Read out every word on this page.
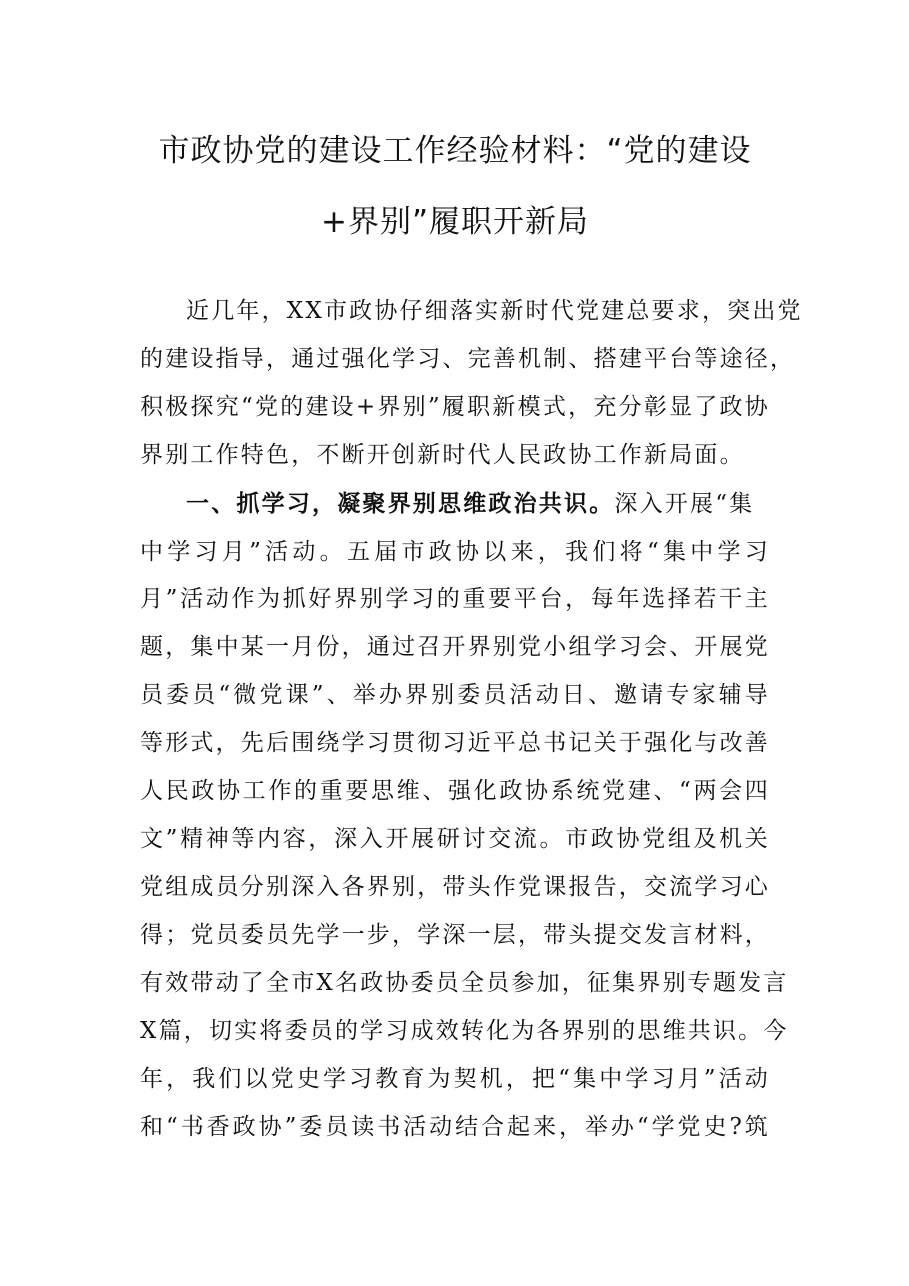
市政协党的建设工作经验材料：“党的建设
+界别”履职开新局
近几年，XX市政协仔细落实新时代党建总要求，突出党
的建设指导，通过强化学习、完善机制、搭建平台等途径，
积极探究“党的建设+界别”履职新模式，充分彰显了政协
界别工作特色，不断开创新时代人民政协工作新局面。
一、抓学习，凝聚界别思维政治共识。深入开展“集
中学习月”活动。五届市政协以来，我们将“集中学习
月”活动作为抓好界别学习的重要平台，每年选择若干主
题，集中某一月份，通过召开界别党小组学习会、开展党
员委员“微党课”、举办界别委员活动日、邀请专家辅导
等形式，先后围绕学习贯彻习近平总书记关于强化与改善
人民政协工作的重要思维、强化政协系统党建、“两会四
文”精神等内容，深入开展研讨交流。市政协党组及机关
党组成员分别深入各界别，带头作党课报告，交流学习心
得；党员委员先学一步，学深一层，带头提交发言材料，
有效带动了全市X名政协委员全员参加，征集界别专题发言
X篇，切实将委员的学习成效转化为各界别的思维共识。今
年，我们以党史学习教育为契机，把“集中学习月”活动
和“书香政协”委员读书活动结合起来，举办“学党史?筑
